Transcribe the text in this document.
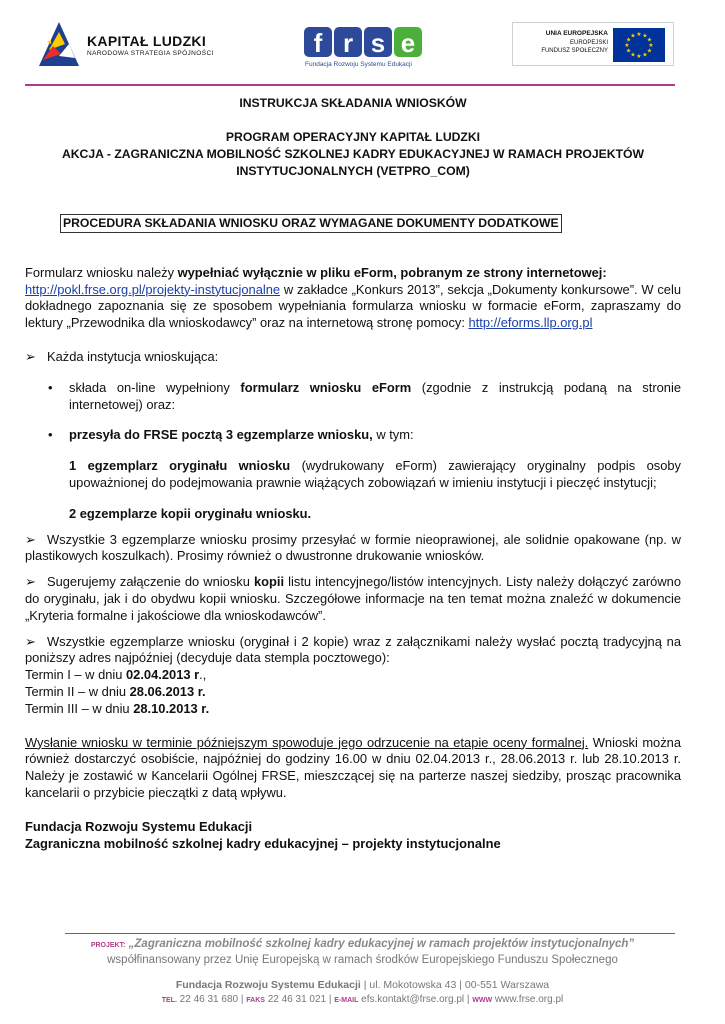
KAPITAŁ LUDZKI
NARODOWA STRATEGIA SPÓJNOŚCI	f r s e
Fundacja Rozwoju Systemu Edukacji
UNIA EUROPEJSKA
EUROPEJSKI
FUNDUSZ SPOŁECZNY
★ ★
★
★
★
★
★
★
★
★
★
★
INSTRUKCJA SKŁADANIA WNIOSKÓW
PROGRAM OPERACYJNY KAPITAŁ LUDZKI
AKCJA - ZAGRANICZNA MOBILNOŚĆ SZKOLNEJ KADRY EDUKACYJNEJ W RAMACH PROJEKTÓW
INSTYTUCJONALNYCH (VETPRO_COM)
PROCEDURA SKŁADANIA WNIOSKU ORAZ WYMAGANE DOKUMENTY DODATKOWE

Formularz wniosku należy wypełniać wyłącznie w pliku eForm, pobranym ze strony internetowej:
http://pokl.frse.org.pl/projekty-instytucjonalne w zakładce „Konkurs 2013”, sekcja „Dokumenty konkursowe”. W celu dokładnego zapoznania się ze sposobem wypełniania formularza wniosku w formacie eForm, zapraszamy do lektury „Przewodnika dla wnioskodawcy” oraz na internetową stronę pomocy: http://eforms.llp.org.pl

➢ Każda instytucja wnioskująca:

• składa on-line wypełniony formularz wniosku eForm (zgodnie z instrukcją podaną na stronie internetowej) oraz:

• przesyła do FRSE pocztą 3 egzemplarze wniosku, w tym:

1 egzemplarz oryginału wniosku (wydrukowany eForm) zawierający oryginalny podpis osoby upoważnionej do podejmowania prawnie wiążących zobowiązań w imieniu instytucji i pieczęć instytucji;

2 egzemplarze kopii oryginału wniosku.

➢ Wszystkie 3 egzemplarze wniosku prosimy przesyłać w formie nieoprawionej, ale solidnie opakowane (np. w plastikowych koszulkach). Prosimy również o dwustronne drukowanie wniosków.

➢ Sugerujemy załączenie do wniosku kopii listu intencyjnego/listów intencyjnych. Listy należy dołączyć zarówno do oryginału, jak i do obydwu kopii wniosku. Szczegółowe informacje na ten temat można znaleźć w dokumencie „Kryteria formalne i jakościowe dla wnioskodawców”.

➢ Wszystkie egzemplarze wniosku (oryginał i 2 kopie) wraz z załącznikami należy wysłać pocztą tradycyjną na poniższy adres najpóźniej (decyduje data stempla pocztowego):

Termin I – w dniu 02.04.2013 r.,

Termin II – w dniu 28.06.2013 r.

Termin III – w dniu 28.10.2013 r.

Wysłanie wniosku w terminie późniejszym spowoduje jego odrzucenie na etapie oceny formalnej. Wnioski można również dostarczyć osobiście, najpóźniej do godziny 16.00 w dniu 02.04.2013 r., 28.06.2013 r. lub 28.10.2013 r. Należy je zostawić w Kancelarii Ogólnej FRSE, mieszczącej się na parterze naszej siedziby, prosząc pracownika kancelarii o przybicie pieczątki z datą wpływu.

Fundacja Rozwoju Systemu Edukacji

Zagraniczna mobilność szkolnej kadry edukacyjnej – projekty instytucjonalne

PROJEKT: „Zagraniczna mobilność szkolnej kadry edukacyjnej w ramach projektów instytucjonalnych”
współfinansowany przez Unię Europejską w ramach środków Europejskiego Funduszu Społecznego
Fundacja Rozwoju Systemu Edukacji | ul. Mokotowska 43 | 00-551 Warszawa
TEL. 22 46 31 680 | FAKS 22 46 31 021 | E-MAIL efs.kontakt@frse.org.pl | WWW www.frse.org.pl
